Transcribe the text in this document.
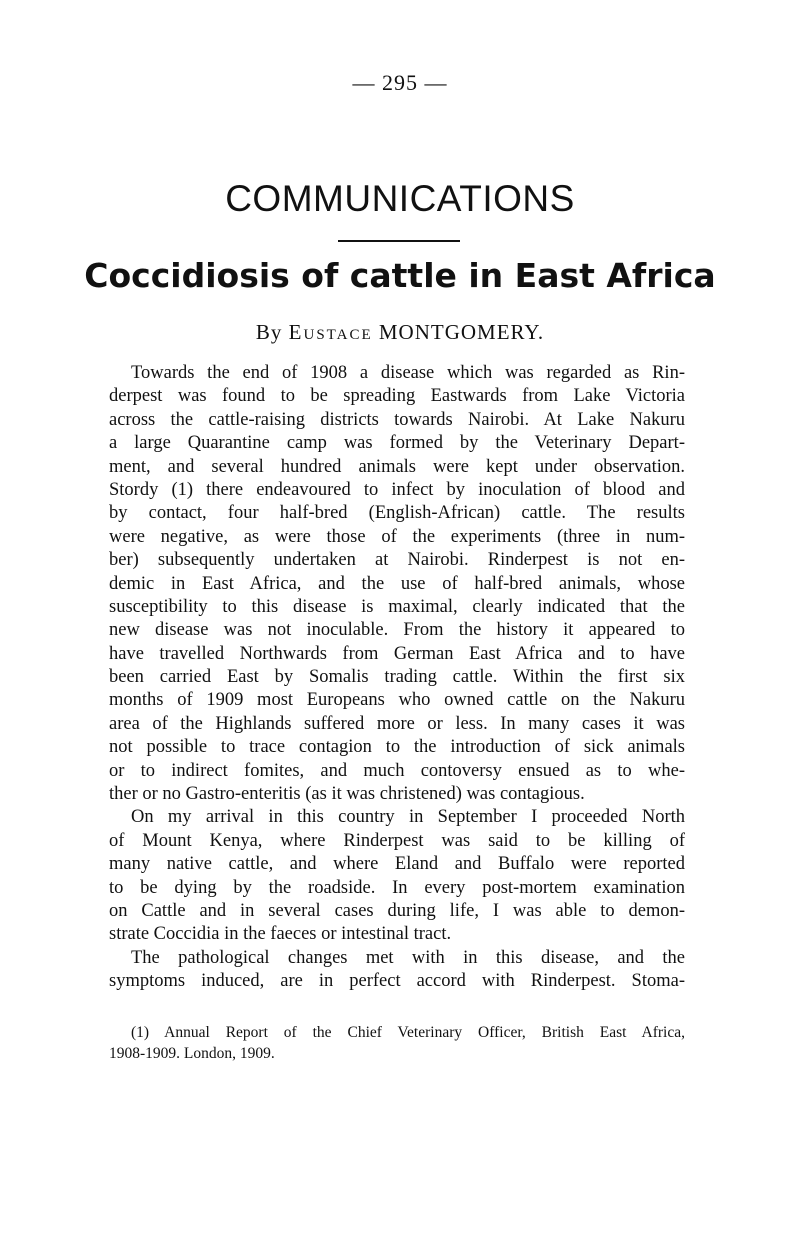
— 295 —
COMMUNICATIONS
Coccidiosis of cattle in East Africa
By Eustace MONTGOMERY.
Towards the end of 1908 a disease which was regarded as Rin-
derpest was found to be spreading Eastwards from Lake Victoria
across the cattle-raising districts towards Nairobi. At Lake Nakuru
a large Quarantine camp was formed by the Veterinary Depart-
ment, and several hundred animals were kept under observation.
Stordy (1) there endeavoured to infect by inoculation of blood and
by contact, four half-bred (English-African) cattle. The results
were negative, as were those of the experiments (three in num-
ber) subsequently undertaken at Nairobi. Rinderpest is not en-
demic in East Africa, and the use of half-bred animals, whose
susceptibility to this disease is maximal, clearly indicated that the
new disease was not inoculable. From the history it appeared to
have travelled Northwards from German East Africa and to have
been carried East by Somalis trading cattle. Within the first six
months of 1909 most Europeans who owned cattle on the Nakuru
area of the Highlands suffered more or less. In many cases it was
not possible to trace contagion to the introduction of sick animals
or to indirect fomites, and much contoversy ensued as to whe-
ther or no Gastro-enteritis (as it was christened) was contagious.
On my arrival in this country in September I proceeded North
of Mount Kenya, where Rinderpest was said to be killing of
many native cattle, and where Eland and Buffalo were reported
to be dying by the roadside. In every post-mortem examination
on Cattle and in several cases during life, I was able to demon-
strate Coccidia in the faeces or intestinal tract.
The pathological changes met with in this disease, and the
symptoms induced, are in perfect accord with Rinderpest. Stoma-
(1) Annual Report of the Chief Veterinary Officer, British East Africa,
1908-1909. London, 1909.
